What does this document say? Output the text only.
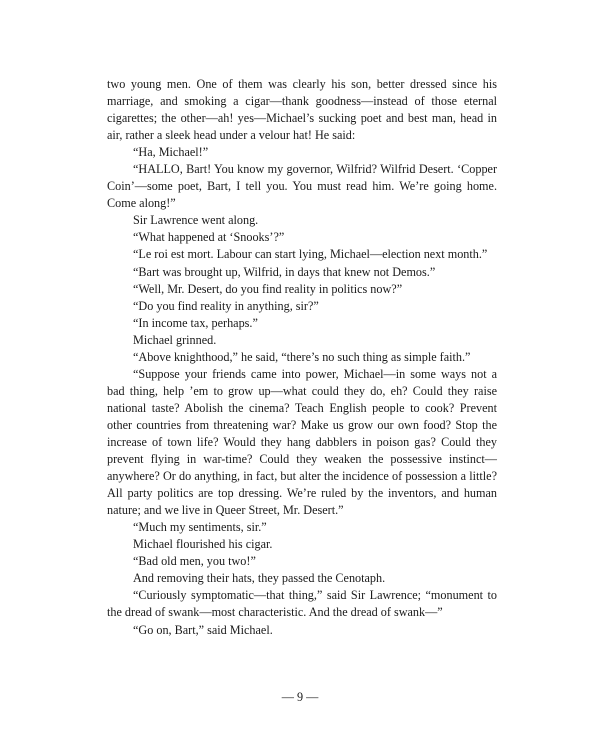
two young men. One of them was clearly his son, better dressed since his marriage, and smoking a cigar—thank goodness—instead of those eternal cigarettes; the other—ah! yes—Michael’s sucking poet and best man, head in air, rather a sleek head under a velour hat! He said:

“Ha, Michael!”

“HALLO, Bart! You know my governor, Wilfrid? Wilfrid Desert. ‘Copper Coin’—some poet, Bart, I tell you. You must read him. We’re going home. Come along!”

Sir Lawrence went along.

“What happened at ‘Snooks’?”

“Le roi est mort. Labour can start lying, Michael—election next month.”

“Bart was brought up, Wilfrid, in days that knew not Demos.”

“Well, Mr. Desert, do you find reality in politics now?”

“Do you find reality in anything, sir?”

“In income tax, perhaps.”

Michael grinned.

“Above knighthood,” he said, “there’s no such thing as simple faith.”

“Suppose your friends came into power, Michael—in some ways not a bad thing, help ’em to grow up—what could they do, eh? Could they raise national taste? Abolish the cinema? Teach English people to cook? Prevent other countries from threatening war? Make us grow our own food? Stop the increase of town life? Would they hang dabblers in poison gas? Could they prevent flying in war-time? Could they weaken the possessive instinct—anywhere? Or do anything, in fact, but alter the incidence of possession a little? All party politics are top dressing. We’re ruled by the inventors, and human nature; and we live in Queer Street, Mr. Desert.”

“Much my sentiments, sir.”

Michael flourished his cigar.

“Bad old men, you two!”

And removing their hats, they passed the Cenotaph.

“Curiously symptomatic—that thing,” said Sir Lawrence; “monument to the dread of swank—most characteristic. And the dread of swank—”

“Go on, Bart,” said Michael.

— 9 —
